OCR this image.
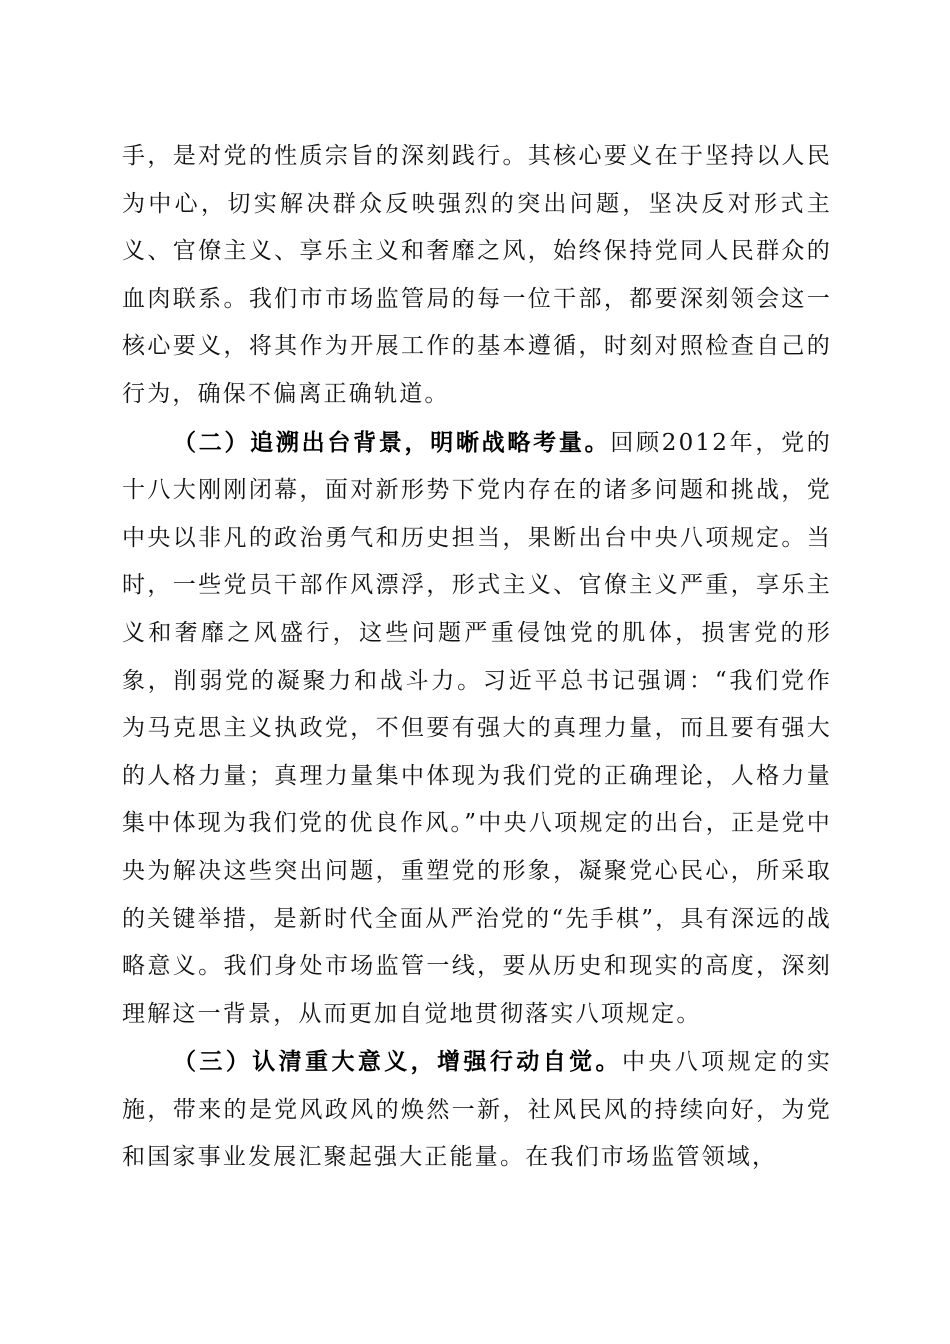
手，是对党的性质宗旨的深刻践行。其核心要义在于坚持以人民为中心，切实解决群众反映强烈的突出问题，坚决反对形式主义、官僚主义、享乐主义和奢靡之风，始终保持党同人民群众的血肉联系。我们市市场监管局的每一位干部，都要深刻领会这一核心要义，将其作为开展工作的基本遵循，时刻对照检查自己的行为，确保不偏离正确轨道。

（二）追溯出台背景，明晰战略考量。回顾2012年，党的十八大刚刚闭幕，面对新形势下党内存在的诸多问题和挑战，党中央以非凡的政治勇气和历史担当，果断出台中央八项规定。当时，一些党员干部作风漂浮，形式主义、官僚主义严重，享乐主义和奢靡之风盛行，这些问题严重侵蚀党的肌体，损害党的形象，削弱党的凝聚力和战斗力。习近平总书记强调：“我们党作为马克思主义执政党，不但要有强大的真理力量，而且要有强大的人格力量；真理力量集中体现为我们党的正确理论，人格力量集中体现为我们党的优良作风。”中央八项规定的出台，正是党中央为解决这些突出问题，重塑党的形象，凝聚党心民心，所采取的关键举措，是新时代全面从严治党的“先手棋”，具有深远的战略意义。我们身处市场监管一线，要从历史和现实的高度，深刻理解这一背景，从而更加自觉地贯彻落实八项规定。

（三）认清重大意义，增强行动自觉。中央八项规定的实施，带来的是党风政风的焕然一新，社风民风的持续向好，为党和国家事业发展汇聚起强大正能量。在我们市场监管领域，
